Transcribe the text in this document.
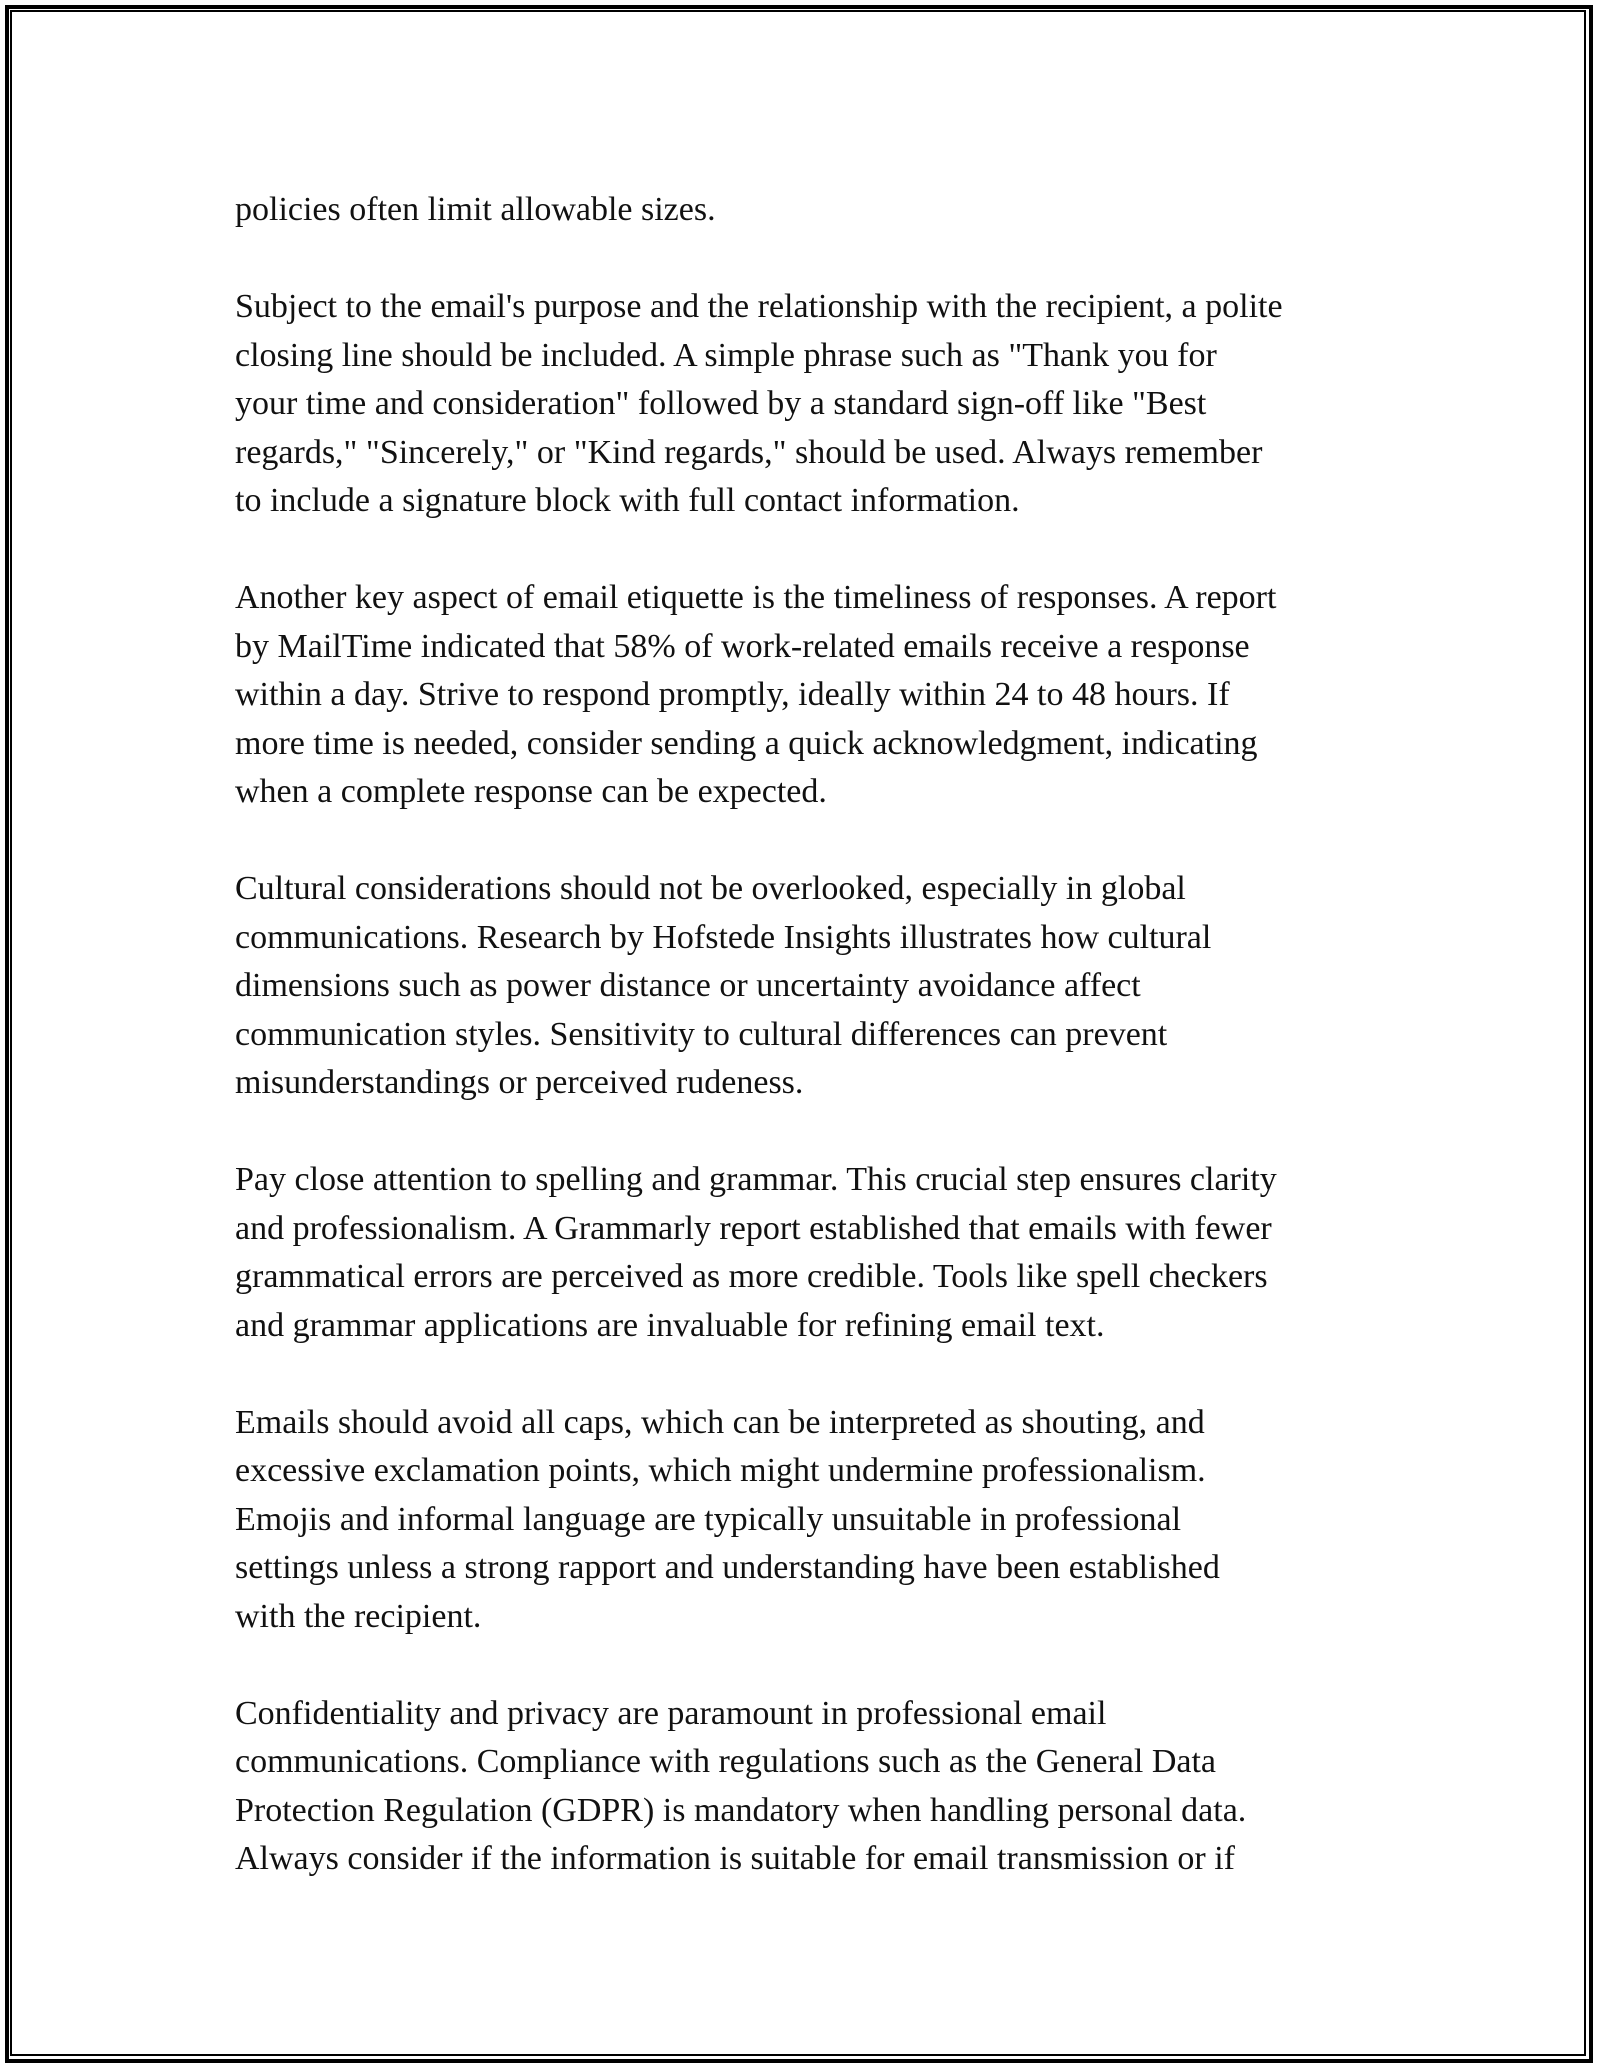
policies often limit allowable sizes.

Subject to the email's purpose and the relationship with the recipient, a polite
closing line should be included. A simple phrase such as "Thank you for
your time and consideration" followed by a standard sign-off like "Best
regards," "Sincerely," or "Kind regards," should be used. Always remember
to include a signature block with full contact information.

Another key aspect of email etiquette is the timeliness of responses. A report
by MailTime indicated that 58% of work-related emails receive a response
within a day. Strive to respond promptly, ideally within 24 to 48 hours. If
more time is needed, consider sending a quick acknowledgment, indicating
when a complete response can be expected.

Cultural considerations should not be overlooked, especially in global
communications. Research by Hofstede Insights illustrates how cultural
dimensions such as power distance or uncertainty avoidance affect
communication styles. Sensitivity to cultural differences can prevent
misunderstandings or perceived rudeness.

Pay close attention to spelling and grammar. This crucial step ensures clarity
and professionalism. A Grammarly report established that emails with fewer
grammatical errors are perceived as more credible. Tools like spell checkers
and grammar applications are invaluable for refining email text.

Emails should avoid all caps, which can be interpreted as shouting, and
excessive exclamation points, which might undermine professionalism.
Emojis and informal language are typically unsuitable in professional
settings unless a strong rapport and understanding have been established
with the recipient.

Confidentiality and privacy are paramount in professional email
communications. Compliance with regulations such as the General Data
Protection Regulation (GDPR) is mandatory when handling personal data.
Always consider if the information is suitable for email transmission or if
